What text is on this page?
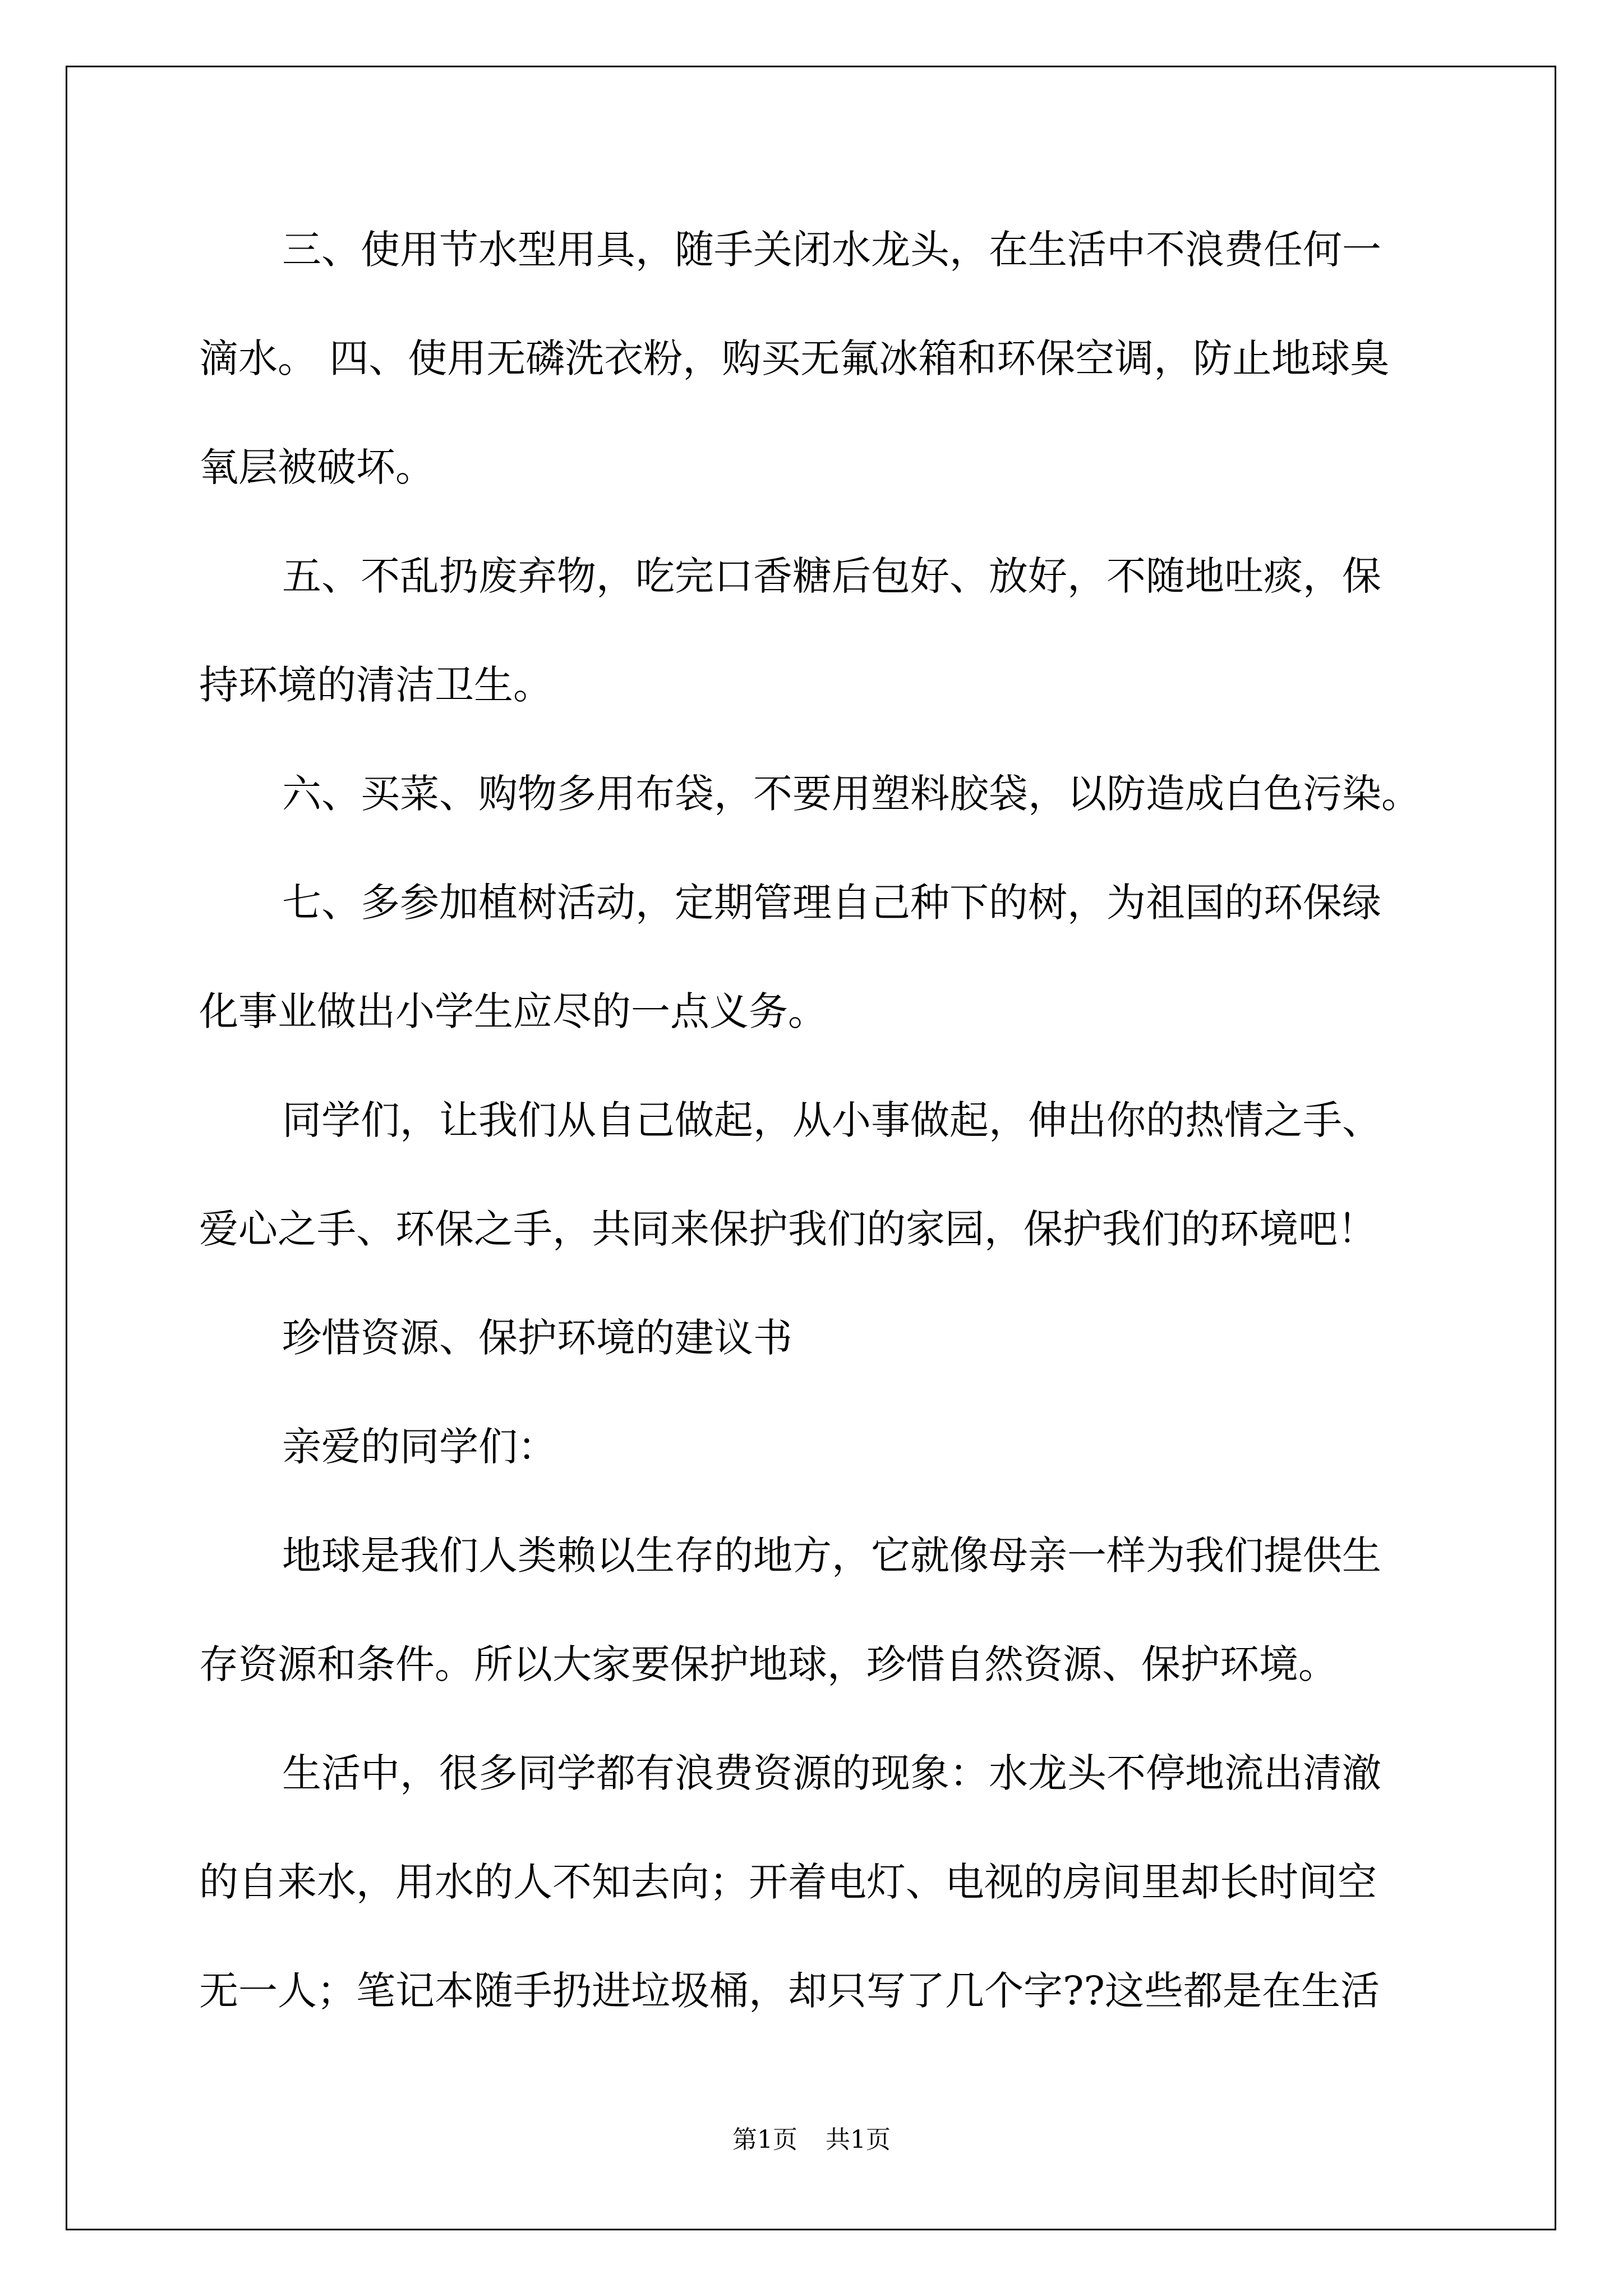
三、使用节水型用具，随手关闭水龙头，在生活中不浪费任何一
滴水。 四、使用无磷洗衣粉，购买无氟冰箱和环保空调，防止地球臭
氧层被破坏。
五、不乱扔废弃物，吃完口香糖后包好、放好，不随地吐痰，保
持环境的清洁卫生。
六、买菜、购物多用布袋，不要用塑料胶袋，以防造成白色污染。
七、多参加植树活动，定期管理自己种下的树，为祖国的环保绿
化事业做出小学生应尽的一点义务。
同学们，让我们从自己做起，从小事做起，伸出你的热情之手、
爱心之手、环保之手，共同来保护我们的家园，保护我们的环境吧！
珍惜资源、保护环境的建议书
亲爱的同学们：
地球是我们人类赖以生存的地方，它就像母亲一样为我们提供生
存资源和条件。所以大家要保护地球，珍惜自然资源、保护环境。
生活中，很多同学都有浪费资源的现象：水龙头不停地流出清澈
的自来水，用水的人不知去向；开着电灯、电视的房间里却长时间空
无一人；笔记本随手扔进垃圾桶，却只写了几个字??这些都是在生活
第1页 共1页
